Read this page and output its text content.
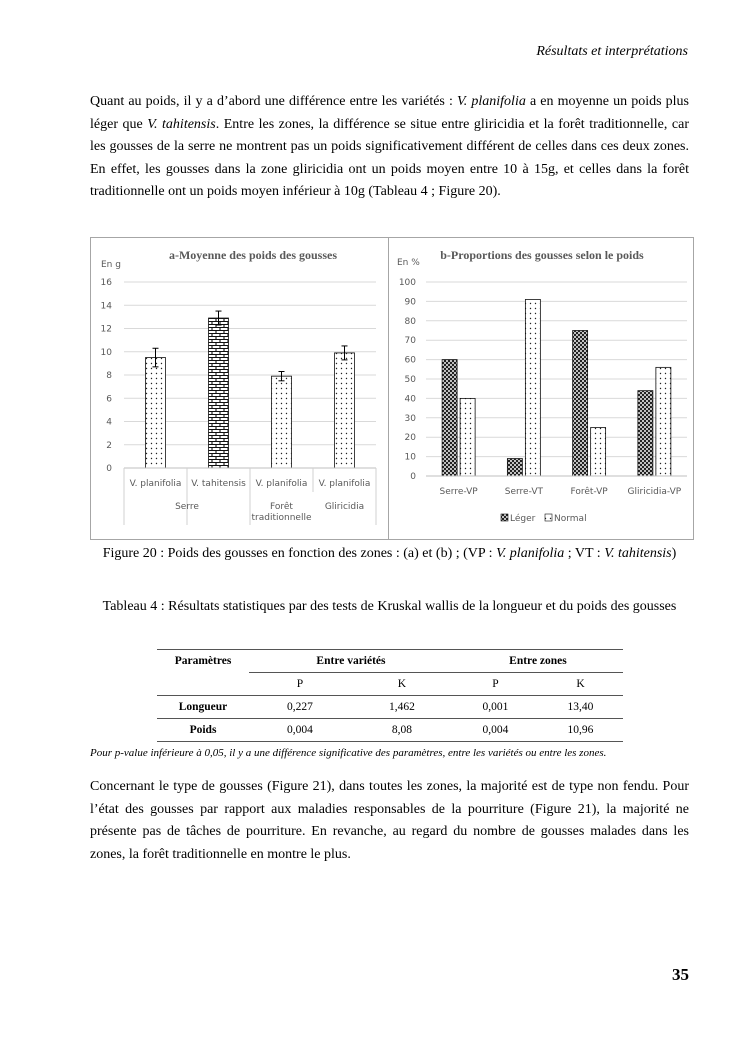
Résultats et interprétations

Quant au poids, il y a d’abord une différence entre les variétés : V. planifolia a en moyenne un poids plus léger que V. tahitensis. Entre les zones, la différence se situe entre gliricidia et la forêt traditionnelle, car les gousses de la serre ne montrent pas un poids significativement différent de celles dans ces deux zones. En effet, les gousses dans la zone gliricidia ont un poids moyen entre 10 à 15g, et celles dans la forêt traditionnelle ont un poids moyen inférieur à 10g (Tableau 4 ; Figure 20).

a-Moyenne des poids des gousses
En g
0
2
4
6
8
10
12
14
16
V. planifolia V. tahitensis V. planifolia V. planifolia
Serre	Forêt traditionnelle
Gliricidia
b-Proportions des gousses selon le poids
En %
0
10
20
30
40
50
60
70
80
90
100
Serre-VP	Serre-VT	Forêt-VP Gliricidia-VP
Léger Normal

Figure 20 : Poids des gousses en fonction des zones : (a) et (b) ; (VP : V. planifolia ; VT : V. tahitensis)

Tableau 4 : Résultats statistiques par des tests de Kruskal wallis de la longueur et du poids des gousses

Paramètres	Entre variétés		Entre zones	
	P	K	P	K
Longueur	0,227	1,462	0,001	13,40
Poids	0,004	8,08	0,004	10,96
Pour p-value inférieure à 0,05, il y a une différence significative des paramètres, entre les variétés ou entre les zones.

Concernant le type de gousses (Figure 21), dans toutes les zones, la majorité est de type non fendu. Pour l’état des gousses par rapport aux maladies responsables de la pourriture (Figure 21), la majorité ne présente pas de tâches de pourriture. En revanche, au regard du nombre de gousses malades dans les zones, la forêt traditionnelle en montre le plus.

35
